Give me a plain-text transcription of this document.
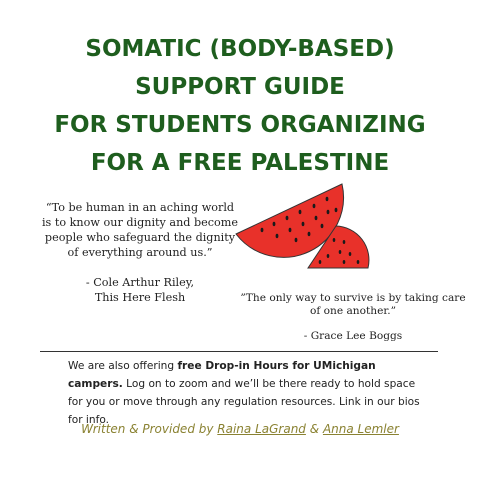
SOMATIC (BODY-BASED)
SUPPORT GUIDE
FOR STUDENTS ORGANIZING
FOR A FREE PALESTINE
“To be human in an aching world is to know our dignity and become people who safeguard the dignity of everything around us.”
- Cole Arthur Riley,
This Here Flesh	”The only way to survive is by taking care of one another.”
- Grace Lee Boggs
We are also offering free Drop-in Hours for UMichigan campers. Log on to zoom and we’ll be there ready to hold space for you or move through any regulation resources. Link in our bios for info.
Written & Provided by Raina LaGrand & Anna Lemler
